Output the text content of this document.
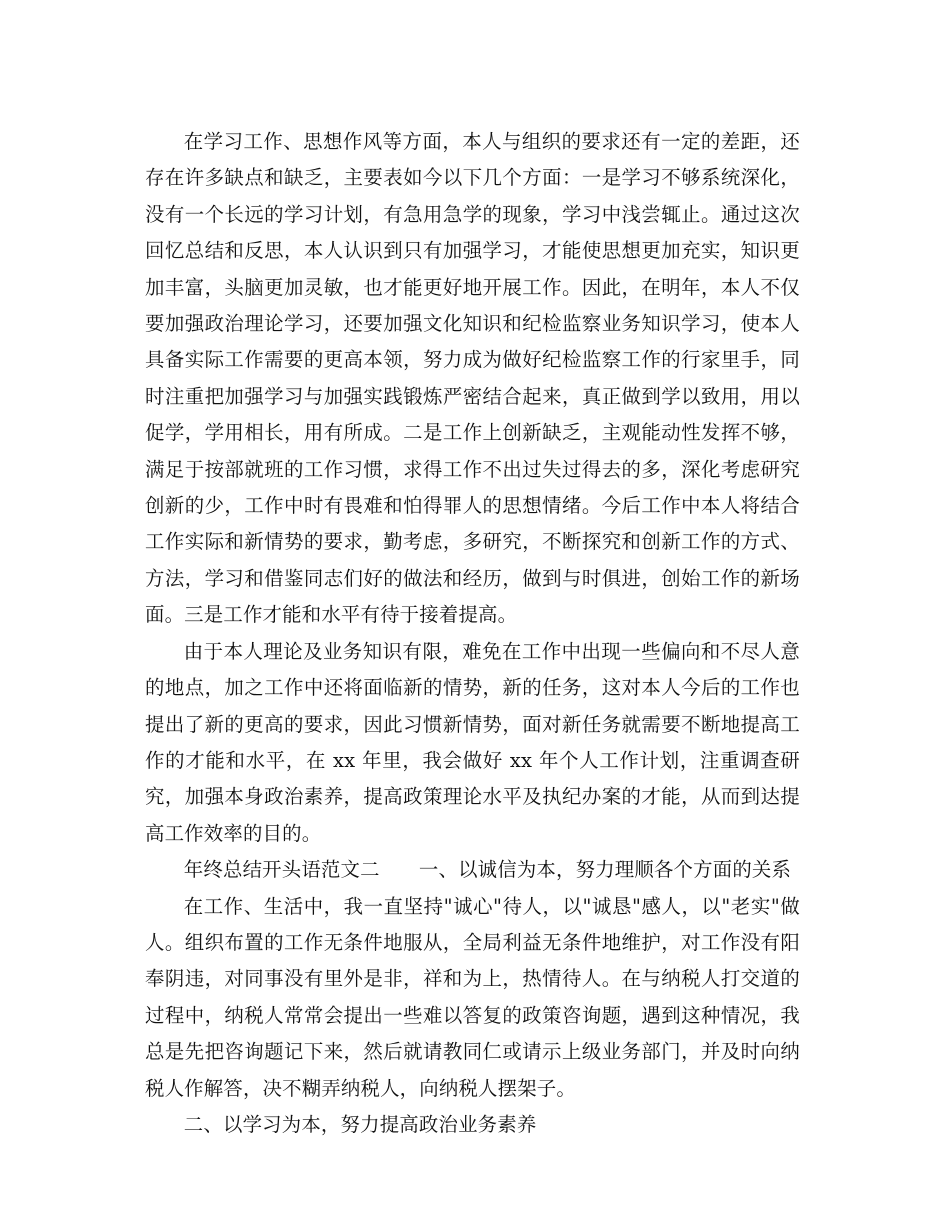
在学习工作、思想作风等方面，本人与组织的要求还有一定的差距，还存在许多缺点和缺乏，主要表如今以下几个方面：一是学习不够系统深化，没有一个长远的学习计划，有急用急学的现象，学习中浅尝辄止。通过这次回忆总结和反思，本人认识到只有加强学习，才能使思想更加充实，知识更加丰富，头脑更加灵敏，也才能更好地开展工作。因此，在明年，本人不仅要加强政治理论学习，还要加强文化知识和纪检监察业务知识学习，使本人具备实际工作需要的更高本领，努力成为做好纪检监察工作的行家里手，同时注重把加强学习与加强实践锻炼严密结合起来，真正做到学以致用，用以促学，学用相长，用有所成。二是工作上创新缺乏，主观能动性发挥不够，满足于按部就班的工作习惯，求得工作不出过失过得去的多，深化考虑研究创新的少，工作中时有畏难和怕得罪人的思想情绪。今后工作中本人将结合工作实际和新情势的要求，勤考虑，多研究，不断探究和创新工作的方式、方法，学习和借鉴同志们好的做法和经历，做到与时俱进，创始工作的新场面。三是工作才能和水平有待于接着提高。

由于本人理论及业务知识有限，难免在工作中出现一些偏向和不尽人意的地点，加之工作中还将面临新的情势，新的任务，这对本人今后的工作也提出了新的更高的要求，因此习惯新情势，面对新任务就需要不断地提高工作的才能和水平，在 xx 年里，我会做好 xx 年个人工作计划，注重调查研究，加强本身政治素养，提高政策理论水平及执纪办案的才能，从而到达提高工作效率的目的。

年终总结开头语范文二　　一、以诚信为本，努力理顺各个方面的关系

在工作、生活中，我一直坚持"诚心"待人，以"诚恳"感人，以"老实"做人。组织布置的工作无条件地服从，全局利益无条件地维护，对工作没有阳奉阴违，对同事没有里外是非，祥和为上，热情待人。在与纳税人打交道的过程中，纳税人常常会提出一些难以答复的政策咨询题，遇到这种情况，我总是先把咨询题记下来，然后就请教同仁或请示上级业务部门，并及时向纳税人作解答，决不糊弄纳税人，向纳税人摆架子。

二、以学习为本，努力提高政治业务素养
